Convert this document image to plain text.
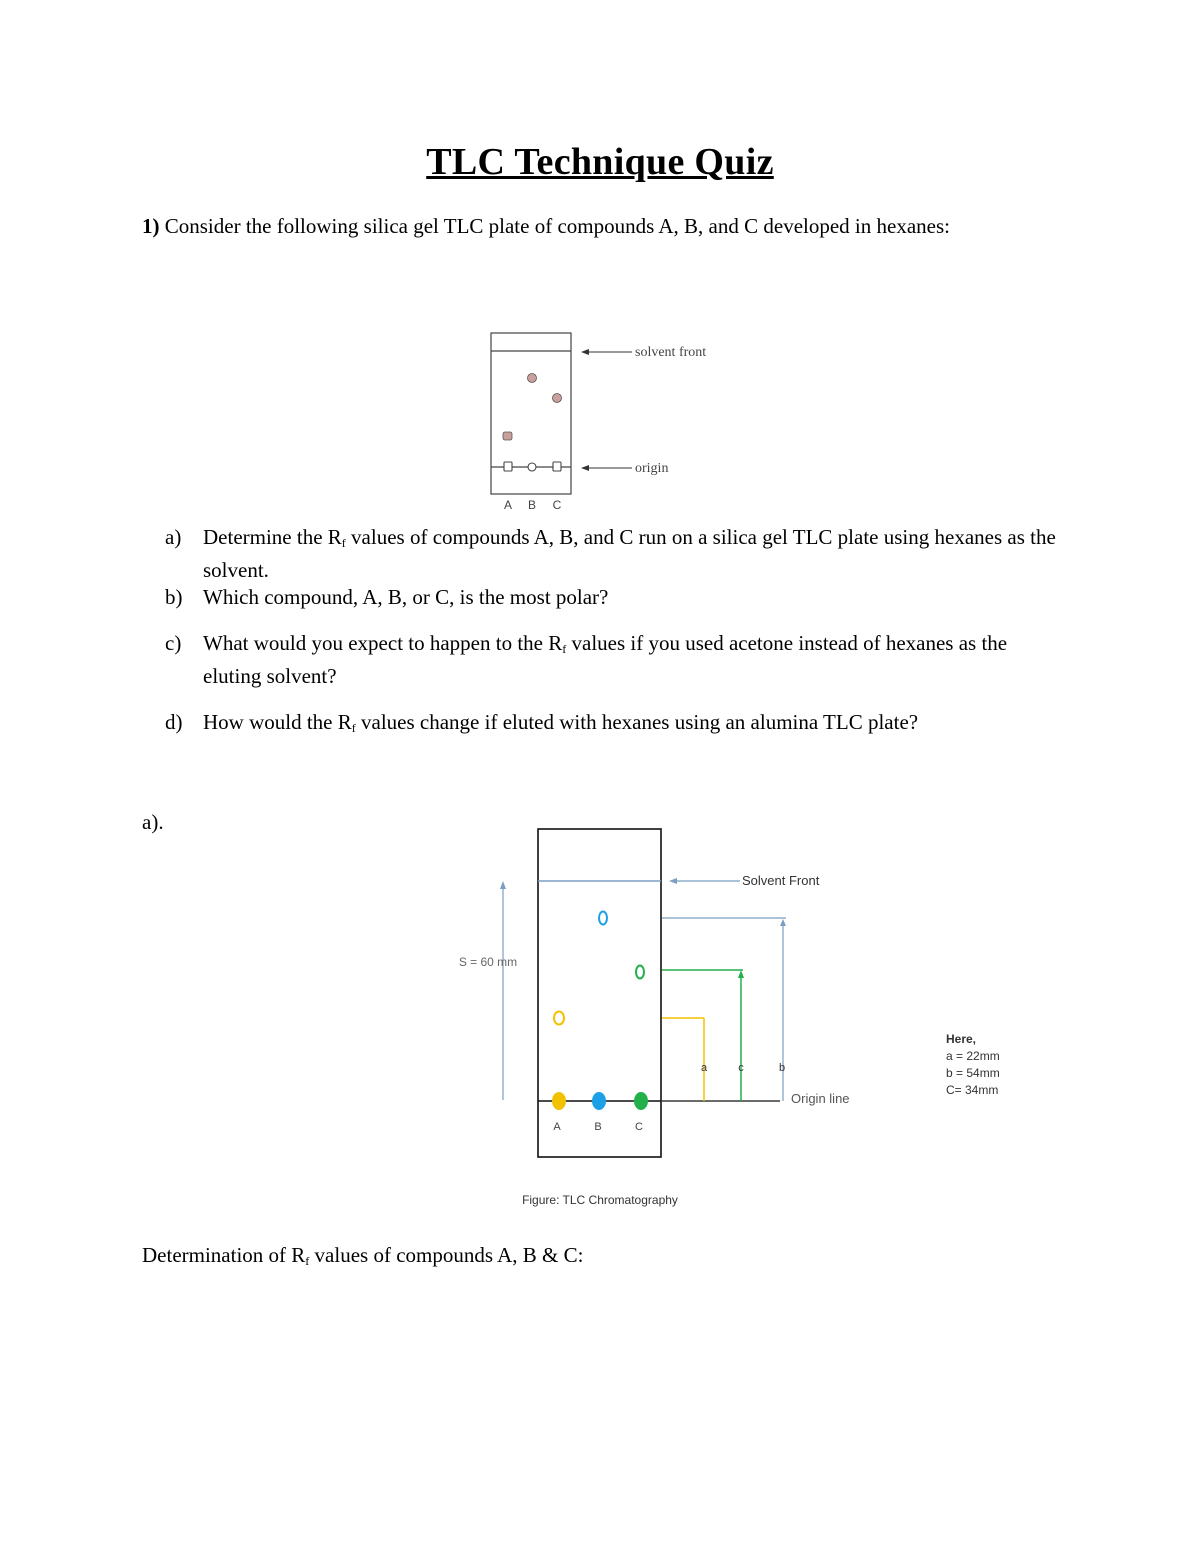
TLC Technique Quiz
1) Consider the following silica gel TLC plate of compounds A, B, and C developed in hexanes:
solvent front
origin
A B C
a)	Determine the $R_f$ values of compounds A, B, and C run on a silica gel TLC plate using hexanes as the solvent.
b) Which compound, A, B, or C, is the most polar?
c)	What would you expect to happen to the $R_f$ values if you used acetone instead of hexanes as the eluting solvent?
d) How would the $R_f$ values change if eluted with hexanes using an alumina TLC plate?
a).
S = 60 mm
A	B	C
Solvent Front
Origin line
a	c	b
Here,
a = 22mm
b = 54mm
C= 34mm
Figure: TLC Chromatography
Determination of $R_f$ values of compounds A, B & C:
